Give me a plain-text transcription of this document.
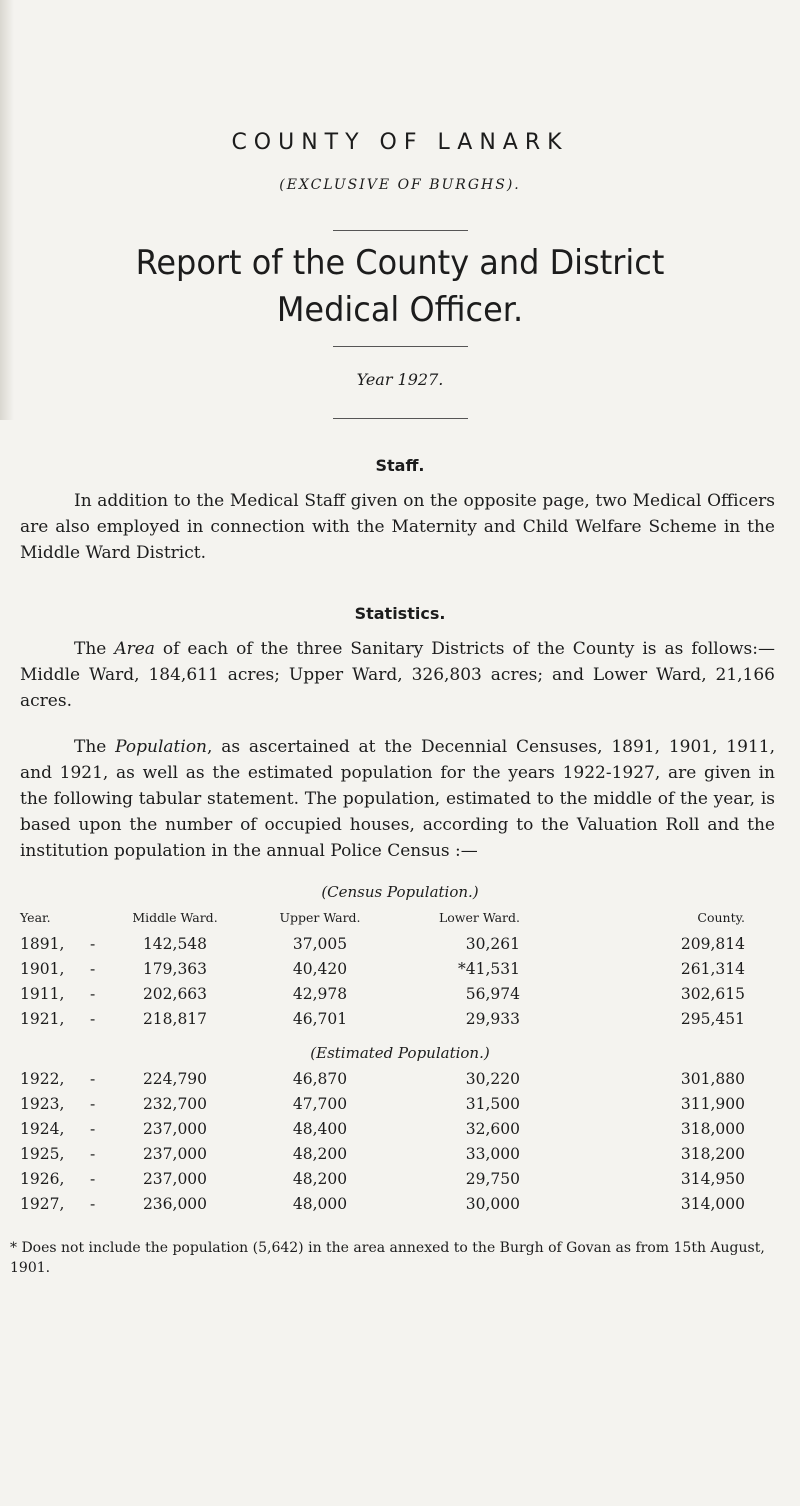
COUNTY OF LANARK
(EXCLUSIVE OF BURGHS).
Report of the County and District
Medical Officer.
Year 1927.
Staff.
In addition to the Medical Staff given on the opposite page, two Medical Officers are also employed in connection with the Maternity and Child Welfare Scheme in the Middle Ward District.
Statistics.
The Area of each of the three Sanitary Districts of the County is as follows:—Middle Ward, 184,611 acres; Upper Ward, 326,803 acres; and Lower Ward, 21,166 acres.
The Population, as ascertained at the Decennial Censuses, 1891, 1901, 1911, and 1921, as well as the estimated population for the years 1922-1927, are given in the following tabular statement. The population, estimated to the middle of the year, is based upon the number of occupied houses, according to the Valuation Roll and the institution population in the annual Police Census :—
(Census Population.)
Year.	Middle Ward.	Upper Ward.	Lower Ward.	County.
1891, -	142,548	37,005	30,261	209,814
1901, -	179,363	40,420	*41,531	261,314
1911, -	202,663	42,978	56,974	302,615
1921, -	218,817	46,701	29,933	295,451
(Estimated Population.)
1922, -	224,790	46,870	30,220	301,880
1923, -	232,700	47,700	31,500	311,900
1924, -	237,000	48,400	32,600	318,000
1925, -	237,000	48,200	33,000	318,200
1926, -	237,000	48,200	29,750	314,950
1927, -	236,000	48,000	30,000	314,000
* Does not include the population (5,642) in the area annexed to the Burgh of Govan as from 15th August, 1901.
